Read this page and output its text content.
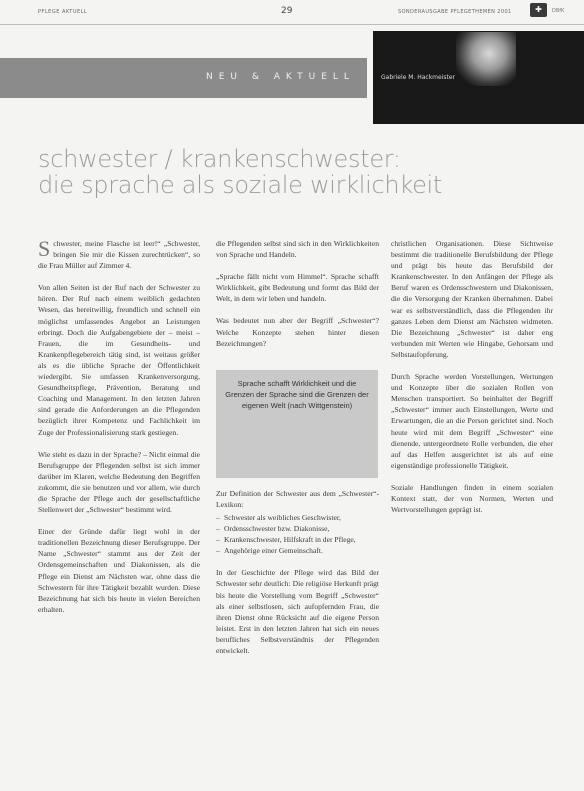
PFLEGE AKTUELL	29	SONDERAUSGABE PFLEGETHEMEN 2001	✚	DBfK
NEU & AKTUELL	Gabriele M. Hackmeister
schwester / krankenschwester:
die sprache als soziale wirklichkeit

Schwester, meine Flasche ist leer!“ „Schwester, bringen Sie mir die Kissen zurechtrücken“, so die Frau Müller auf Zimmer 4.

Von allen Seiten ist der Ruf nach der Schwester zu hören. Der Ruf nach einem weiblich gedachten Wesen, das bereitwillig, freundlich und schnell ein möglichst umfassendes Angebot an Leistungen erbringt. Doch die Aufgabengebiete der – meist – Frauen, die im Gesundheits- und Krankenpflegebereich tätig sind, ist weitaus größer als es die übliche Sprache der Öffentlichkeit wiedergibt. Sie umfassen Krankenversorgung, Gesundheitspflege, Prävention, Beratung und Coaching und Management. In den letzten Jahren sind gerade die Anforderungen an die Pflegenden bezüglich ihrer Kompetenz und Fachlichkeit im Zuge der Professionalisierung stark gestiegen.

Wie steht es dazu in der Sprache? – Nicht einmal die Berufsgruppe der Pflegenden selbst ist sich immer darüber im Klaren, welche Bedeutung den Begriffen zukommt, die sie benutzen und vor allem, wie durch die Sprache der Pflege auch der gesellschaftliche Stellenwert der „Schwester“ bestimmt wird.

Einer der Gründe dafür liegt wohl in der traditionellen Bezeichnung dieser Berufsgruppe. Der Name „Schwester“ stammt aus der Zeit der Ordensgemeinschaften und Diakonissen, als die Pflege ein Dienst am Nächsten war, ohne dass die Schwestern für ihre Tätigkeit bezahlt wurden. Diese Bezeichnung hat sich bis heute in vielen Bereichen erhalten.

die Pflegenden selbst sind sich in den Wirklichkeiten von Sprache und Handeln.

„Sprache fällt nicht vom Himmel“. Sprache schafft Wirklichkeit, gibt Bedeutung und formt das Bild der Welt, in dem wir leben und handeln.

Was bedeutet nun aber der Begriff „Schwester“? Welche Konzepte stehen hinter diesen Bezeichnungen?

Zur Definition der Schwester aus dem „Schwester“-Lexikon:

– Schwester als weibliches Geschwister,
– Ordensschwester bzw. Diakonisse,
– Krankenschwester, Hilfskraft in der Pflege,
– Angehörige einer Gemeinschaft.

In der Geschichte der Pflege wird das Bild der Schwester sehr deutlich: Die religiöse Herkunft prägt bis heute die Vorstellung vom Begriff „Schwester“ als einer selbstlosen, sich aufopfernden Frau, die ihren Dienst ohne Rücksicht auf die eigene Person leistet. Erst in den letzten Jahren hat sich ein neues berufliches Selbstverständnis der Pflegenden entwickelt.

Sprache schafft Wirklichkeit und die Grenzen der Sprache sind die Grenzen der eigenen Welt (nach Wittgenstein)

christlichen Organisationen. Diese Sichtweise bestimmt die traditionelle Berufsbildung der Pflege und prägt bis heute das Berufsbild der Krankenschwester. In den Anfängen der Pflege als Beruf waren es Ordensschwestern und Diakonissen, die die Versorgung der Kranken übernahmen. Dabei war es selbstverständlich, dass die Pflegenden ihr ganzes Leben dem Dienst am Nächsten widmeten. Die Bezeichnung „Schwester“ ist daher eng verbunden mit Werten wie Hingabe, Gehorsam und Selbstaufopferung.

Durch Sprache werden Vorstellungen, Wertungen und Konzepte über die sozialen Rollen von Menschen transportiert. So beinhaltet der Begriff „Schwester“ immer auch Einstellungen, Werte und Erwartungen, die an die Person gerichtet sind. Noch heute wird mit dem Begriff „Schwester“ eine dienende, untergeordnete Rolle verbunden, die eher auf das Helfen ausgerichtet ist als auf eine eigenständige professionelle Tätigkeit.

Soziale Handlungen finden in einem sozialen Kontext statt, der von Normen, Werten und Wertvorstellungen geprägt ist.
